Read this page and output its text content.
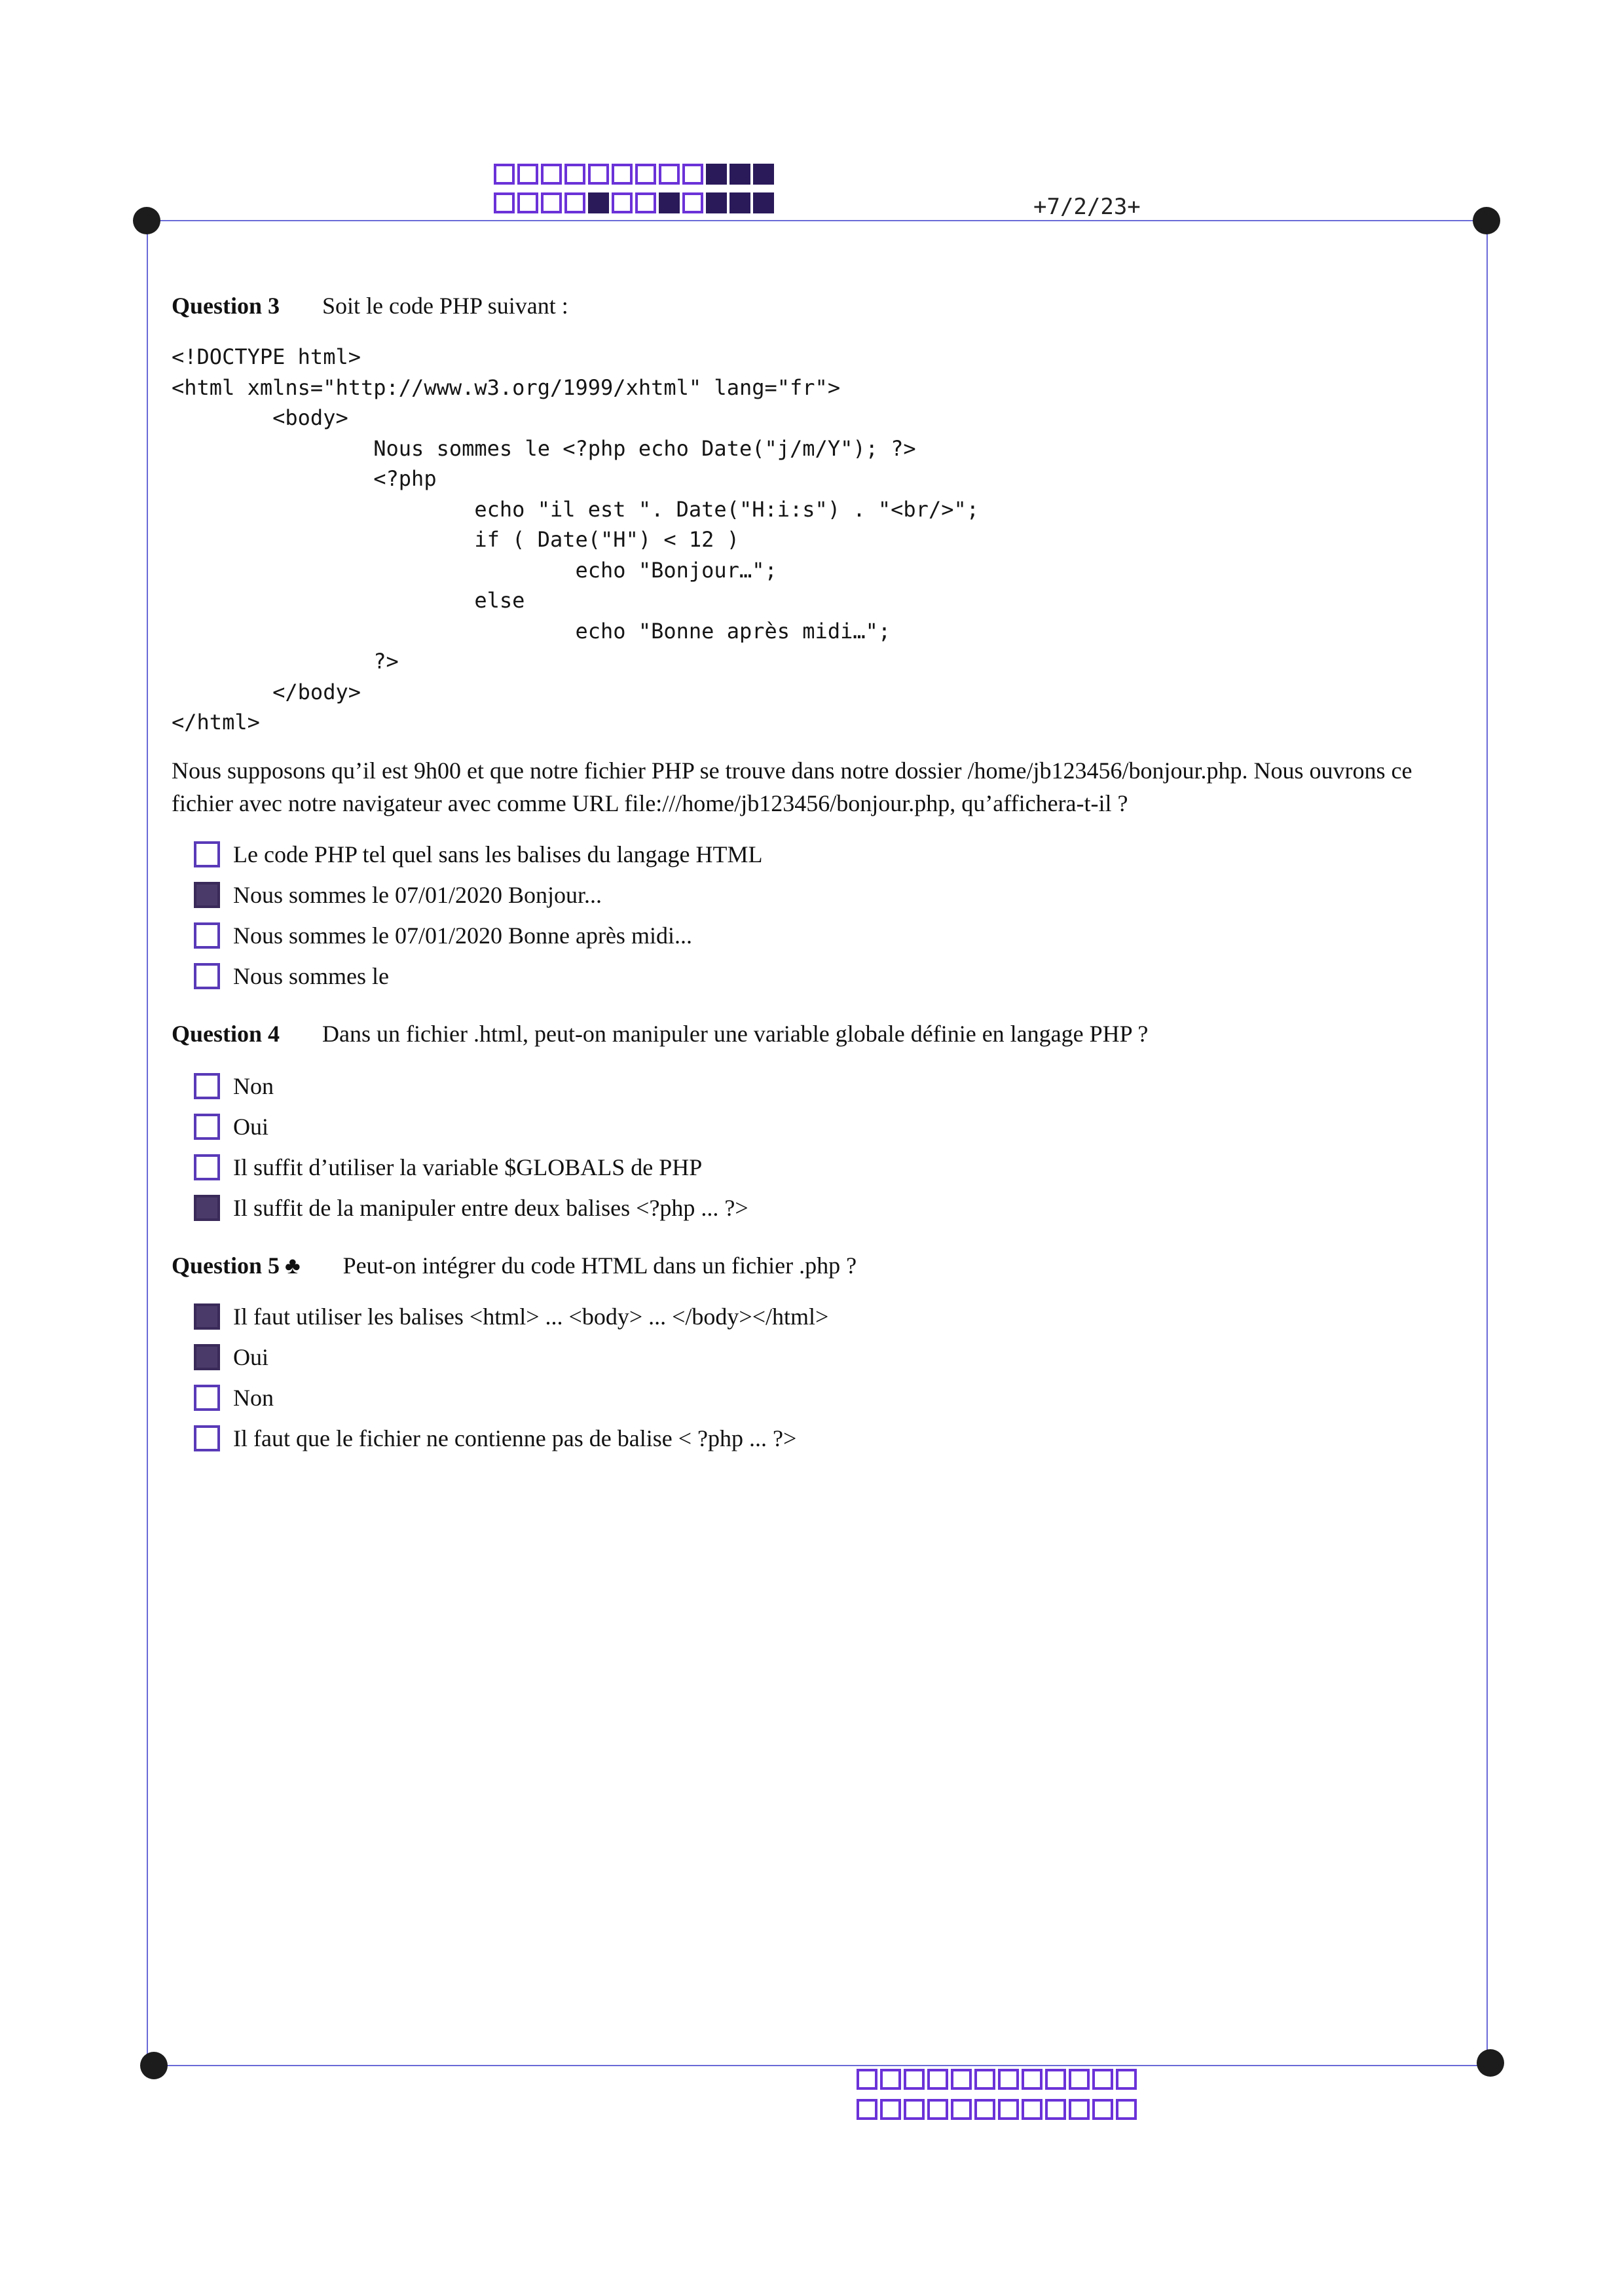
+7/2/23+
Question 3 Soit le code PHP suivant :
<!DOCTYPE html>
<html xmlns="http://www.w3.org/1999/xhtml" lang="fr">
<body>
Nous sommes le <?php echo Date("j/m/Y"); ?>
<?php
echo "il est ". Date("H:i:s") . "<br/>";
if ( Date("H") < 12 )
echo "Bonjour…";
else
echo "Bonne après midi…";
?>
</body>
</html>
Nous supposons qu’il est 9h00 et que notre fichier PHP se trouve dans notre dossier /home/jb123456/bonjour.php. Nous ouvrons ce fichier avec notre navigateur avec comme URL file:///home/jb123456/bonjour.php, qu’affichera-t-il ?
Le code PHP tel quel sans les balises du langage HTML
Nous sommes le 07/01/2020 Bonjour...
Nous sommes le 07/01/2020 Bonne après midi...
Nous sommes le
Question 4 Dans un fichier .html, peut-on manipuler une variable globale définie en langage PHP ?
Non
Oui
Il suffit d’utiliser la variable $GLOBALS de PHP
Il suffit de la manipuler entre deux balises <?php ... ?>
Question 5 ♣ Peut-on intégrer du code HTML dans un fichier .php ?
Il faut utiliser les balises <html> ... <body> ... </body></html>
Oui
Non
Il faut que le fichier ne contienne pas de balise < ?php ... ?>
